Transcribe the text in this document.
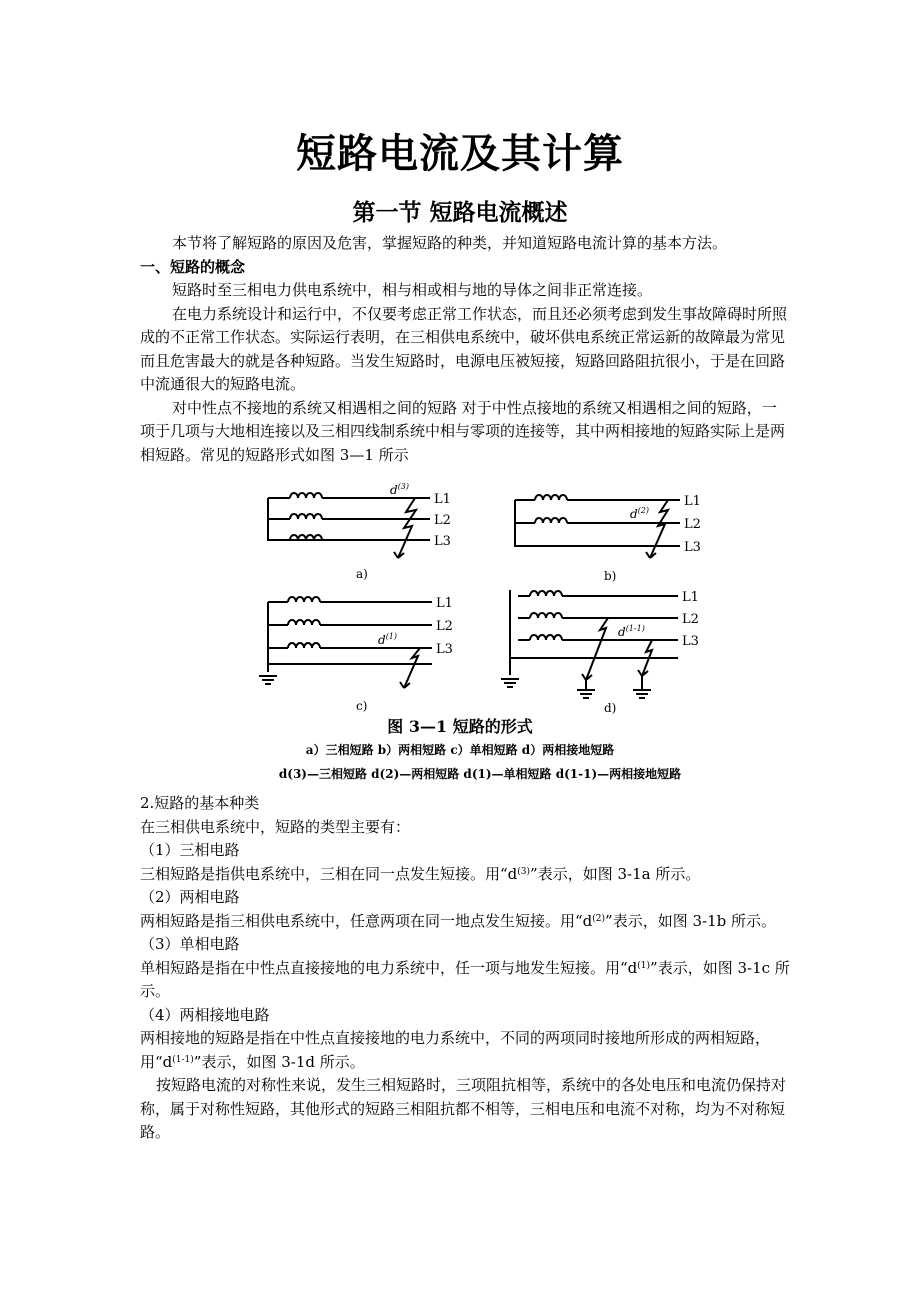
短路电流及其计算
第一节 短路电流概述

本节将了解短路的原因及危害，掌握短路的种类，并知道短路电流计算的基本方法。

一、短路的概念

短路时至三相电力供电系统中，相与相或相与地的导体之间非正常连接。

在电力系统设计和运行中，不仅要考虑正常工作状态，而且还必须考虑到发生事故障碍时所照成的不正常工作状态。实际运行表明，在三相供电系统中，破坏供电系统正常运新的故障最为常见而且危害最大的就是各种短路。当发生短路时，电源电压被短接，短路回路阻抗很小，于是在回路中流通很大的短路电流。

对中性点不接地的系统又相遇相之间的短路 对于中性点接地的系统又相遇相之间的短路，一项于几项与大地相连接以及三相四线制系统中相与零项的连接等，其中两相接地的短路实际上是两相短路。常见的短路形式如图 3—1 所示

$d^{(3)}$
L1
L2
L3
a)
$d^{(2)}$
L1
L2
L3
b)
$d^{(1)}$
L1
L2
L3
c)
$d^{(1-1)}$
L1
L2
L3
d)
图 3—1 短路的形式
a）三相短路 b）两相短路 c）单相短路 d）两相接地短路
d(3)—三相短路 d(2)—两相短路 d(1)—单相短路 d(1-1)—两相接地短路

2.短路的基本种类

在三相供电系统中，短路的类型主要有：

（1）三相电路

三相短路是指供电系统中，三相在同一点发生短接。用“$d^{(3)}$”表示，如图 3-1a 所示。

（2）两相电路

两相短路是指三相供电系统中，任意两项在同一地点发生短接。用“$d^{(2)}$”表示，如图 3-1b 所示。

（3）单相电路

单相短路是指在中性点直接接地的电力系统中，任一项与地发生短接。用“$d^{(1)}$”表示，如图 3-1c 所示。

（4）两相接地电路

两相接地的短路是指在中性点直接接地的电力系统中，不同的两项同时接地所形成的两相短路，用“$d^{(1-1)}$”表示，如图 3-1d 所示。

按短路电流的对称性来说，发生三相短路时，三项阻抗相等，系统中的各处电压和电流仍保持对称，属于对称性短路，其他形式的短路三相阻抗都不相等，三相电压和电流不对称，均为不对称短路。
